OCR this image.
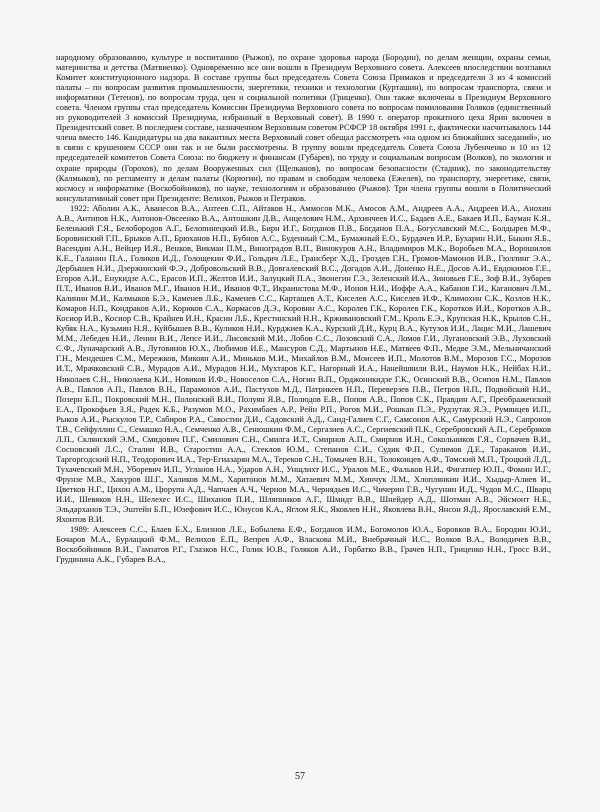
народному образованию, культуре и воспитанию (Рыжов), по охране здоровья народа (Бородин), по делам женщин, охраны семьи, материнства и детства (Матвиенко). Одновременно все они вошли в Президиум Верховного совета. Алексеев впоследствии возглавил Комитет конституционного надзора. В составе группы был председатель Совета Союза Примаков и председатели 3 из 4 комиссий палаты – по вопросам развития промышленности, энергетики, техники и технологии (Курташин), по вопросам транспорта, связи и информатики (Тетенов), по вопросам труда, цен и социальной политики (Гриценко). Они также включены в Президиум Верховного совета. Членом группы стал председатель Комиссии Президиума Верховного совета по вопросам помилования Голяков (единственный из руководителей 3 комиссий Президиума, избранный в Верховный совет). В 1990 г. оператор прокатного цеха Ярин включен в Президентский совет. В последнем составе, назначенном Верховным советом РСФСР 18 октября 1991 г., фактически насчитывалось 144 члена вместо 146. Кандидатуры на два вакантных места Верховный совет обещал рассмотреть «на одном из ближайших заседаний», но в связи с крушением СССР они так и не были рассмотрены. В группу вошли председатель Совета Союза Лубенченко и 10 из 12 председателей комитетов Совета Союза: по бюджету и финансам (Губарев), по труду и социальным вопросам (Волков), по экологии и охране природы (Горохов), по делам Вооруженных сил (Щелканов), по вопросам безопасности (Стадник), по законодательству (Калмыков), по регламенту и делам палаты (Корюгин), по правам и свободам человека (Ежелев), по транспорту, энергетике, связи, космосу и информатике (Воскобойников), по науке, технологиям и образованию (Рыжов). Три члена группы вошли в Политический консультативный совет при Президенте: Велихов, Рыжов и Петраков.

1922: Аболин А.К., Аванесов В.А., Антеев С.П., Айтаков Н., Аммосов М.К., Амосов А.М., Андреев А.А., Андреев И.А., Анохин А.В., Антипов Н.К., Антонов-Овсеенко В.А., Антошкин Д.В., Анцелович Н.М., Архинчеев И.С., Бадаев А.Е., Бакаев И.П., Бауман К.Я., Беленький Г.Я., Белобородов А.Г., Белопинецкий И.В., Бирн И.Г., Богданов П.В., Богданов П.А., Богуславский М.С., Болдырев М.Ф., Боровинский Г.П., Брыков А.П., Брюханов Н.П., Бубнов А.С., Буденный С.М., Бумажный Е.О., Бурдачев И.Р., Бухарин Н.И., Быкин Я.Б., Васендин А.Н., Вейцер И.Я., Венков, Викман П.М., Виноградов В.П., Винокуров А.Н., Владимиров М.К., Воробьев М.А., Ворошилов К.Е., Галанин П.А., Голиков И.Д., Голощекин Ф.И., Гольдич Л.Е., Грансберг Х.Д., Гроздев Г.Н., Громов-Мамонов И.В., Гюллинг Э.А., Дербышев Н.И., Дзержинский Ф.Э., Добровольский В.В., Довгалевский В.С., Догадов А.И., Доненко Н.Е., Досов А.И., Евдокимов Г.Е., Егоров А.И., Енукидзе А.С., Ерасов И.П., Желтов И.И., Залуцкий П.А., Звонегин Г.Э., Зеленский И.А., Зиновьев Г.Е., Зоф В.И., Зубарев П.Т., Иванов В.И., Иванов М.Г., Иванов Н.И., Иванов Ф.Т., Икраинстова М.Ф., Ионов Н.И., Иоффе А.А., Кабанов Г.И., Каганович Л.М., Калинин М.И., Калмыков Б.Э., Каменев Л.Б., Каменев С.С., Карташев А.Т., Киселев А.С., Киселев И.Ф., Климохин С.К., Козлов Н.К., Комаров Н.П., Кондраков А.И., Кориков С.А., Кормасов Д.Э., Коровин А.С., Королев Г.К., Королев Г.К., Коротков И.И., Коротков А.В., Косиор И.В., Косиор С.В., Крайнев И.Н., Красин Л.Б., Крестинский Н.Н., Крживановский Г.М., Кроль Е.Э., Крупская Н.К., Крылов С.Н., Кубяк Н.А., Кузьмин Н.Я., Куйбышев В.В., Куликов Н.И., Курджиев К.А., Курский Д.И., Курц В.А., Кутузов И.И., Лацис М.И., Лашевич М.М., Лебедев Н.И., Ленин В.И., Лепсе И.И., Лисовский М.И., Лобов С.С., Лозовский С.А., Ломов Г.И., Лугановский Э.В., Луховский С.Ф., Луначарский А.В., Лутовинов Ю.Х., Любимов И.Е., Мансуров С.Д., Мартынов Н.Е., Матвеев Ф.П., Медве Э.М., Мельничанский Г.Н., Мендешев С.М., Мережков, Микоян А.И., Миньков М.И., Михайлов В.М., Моисеев И.П., Молотов В.М., Морозов Г.С., Морозов И.Т., Мрачковский С.В., Мурадов А.И., Мурадов Н.И., Мухтаров К.Г., Нагорный И.А., Нанейшвили В.И., Наумов Н.К., Нейбах Н.И., Николаев С.Н., Николаева К.И., Новиков И.Ф., Новоселов С.А., Ногин В.П., Орджоникидзе Г.К., Осинский В.В., Осипов Н.М., Павлов А.В., Павлов А.П., Павлов В.Н., Парамонов А.И., Пастухов М.Д., Патрикеев Н.П., Переверзев П.В., Петров Н.П., Подвойский Н.И., Позерн Б.П., Покровский М.Н., Полонский В.И., Полуян Я.В., Полюдов Е.В., Попов А.В., Попов С.К., Правдин А.Г., Преображенский Е.А., Прокофьев З.Я., Радек К.Б., Разумов М.О., Рахимбаев А.Р., Рейн Р.П., Рогов М.И., Рошкан П.Э., Рудзутак Я.Э., Румянцев И.П., Рыков А.И., Рыскулов Т.Р., Сабиров Р.А., Савостин Д.И., Садовский А.Д., Саид-Галиев С.Г., Самсонов А.К., Самурский Н.Э., Сапронов Т.В., Сейфуллин С., Семашко Н.А., Семченко А.В., Сенюшкин Ф.М., Сергазиев А.С., Сергиевский П.К., Серебровский А.П., Серебряков Л.П., Склянский Э.М., Смидович П.Г., Смилович С.Н., Смилга И.Т., Смирнов А.П., Смирнов И.Н., Сокольников Г.Я., Сорвачев В.И., Сосновский Л.С., Сталин И.В., Старостин А.А., Стеклов Ю.М., Степанов С.И., Судик Ф.П., Сулимов Д.Е., Тараканов И.И., Таргоргодский Н.П., Теодорович И.А., Тер-Егиазарян М.А., Тереков С.Н., Томычев В.Н., Толоконцев А.Ф., Томский М.П., Троцкий Л.Д., Тухачевский М.Н., Уборевич И.П., Угланов Н.А., Ударов А.Н., Унщлихт И.С., Уралов М.Е., Фальков Н.И., Фигатнер Ю.П., Фомин И.Г., Фрунзе М.В., Хакуров Ш.Г., Халиков М.М., Харитонов М.М., Хатаевич М.М., Хинчук Л.М., Хлоплянкин И.И., Хыдыр-Алиев И., Цветков Н.Г., Цихон А.М., Цюрупа А.Д., Чапчаев А.Ч., Чернов М.А., Чернядьев И.С., Чичерин Г.В., Чугунин И.Д., Чудов М.С., Шварц И.И., Шевяков Н.Н., Шелехес И.С., Шиханов П.И., Шляпников А.Г., Шмидт В.В., Шнейдер А.Д., Шотман А.В., Эйсмонт Н.Б., Эльдарханов Т.Э., Эштейн Б.П., Юзефович И.С., Юнусов К.А., Яглом Я.К., Яковлев Н.Н., Яковлева В.Н., Янсон Я.Д., Ярославский Е.М., Яхонтов В.И.

1989: Алексеев С.С., Блаев Б.Х., Близнов Л.Е., Бобылева Е.Ф., Богданов И.М., Богомолов Ю.А., Боровков В.А., Бородин Ю.И., Бочаров М.А., Бурлацкий Ф.М., Велихов Е.П., Вепрев А.Ф., Власкова М.И., Внебрачный И.С., Волков В.А., Володичев В.В., Воскобойников В.И., Гамзатов Р.Г., Глазков Н.С., Голик Ю.В., Голяков А.И., Горбатко В.В., Грачев Н.П., Гриценко Н.Н., Гросс В.И., Грудинина А.К., Губарев В.А.,

57
